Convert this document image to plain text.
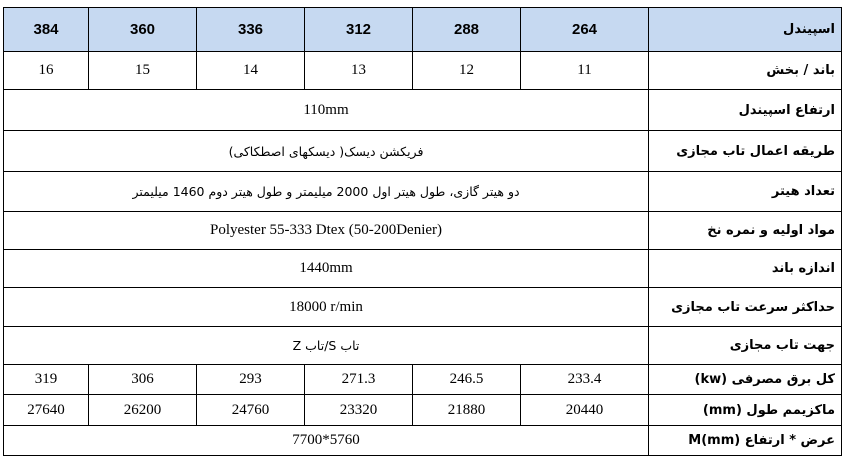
384	360	336	312	288	264	اسپیندل
16	15	14	13	12	11	باند / بخش
110mm						ارتفاع اسپیندل
فریکشن دیسک( دیسکهای اصطکاکی)						طریقه اعمال تاب مجازی
دو هیتر گازی، طول هیتر اول 2000 میلیمتر و طول هیتر دوم 1460 میلیمتر						تعداد هیتر
Polyester 55-333 Dtex (50-200Denier)						مواد اولیه و نمره نخ
1440mm						اندازه باند
18000 r/min						حداکثر سرعت تاب مجازی
تاب S/تاب Z						جهت تاب مجازی
319	306	293	271.3	246.5	233.4	کل برق مصرفی (kw)
27640	26200	24760	23320	21880	20440	ماکزیمم طول (mm)
7700*5760						عرض * ارتفاع M(mm)
